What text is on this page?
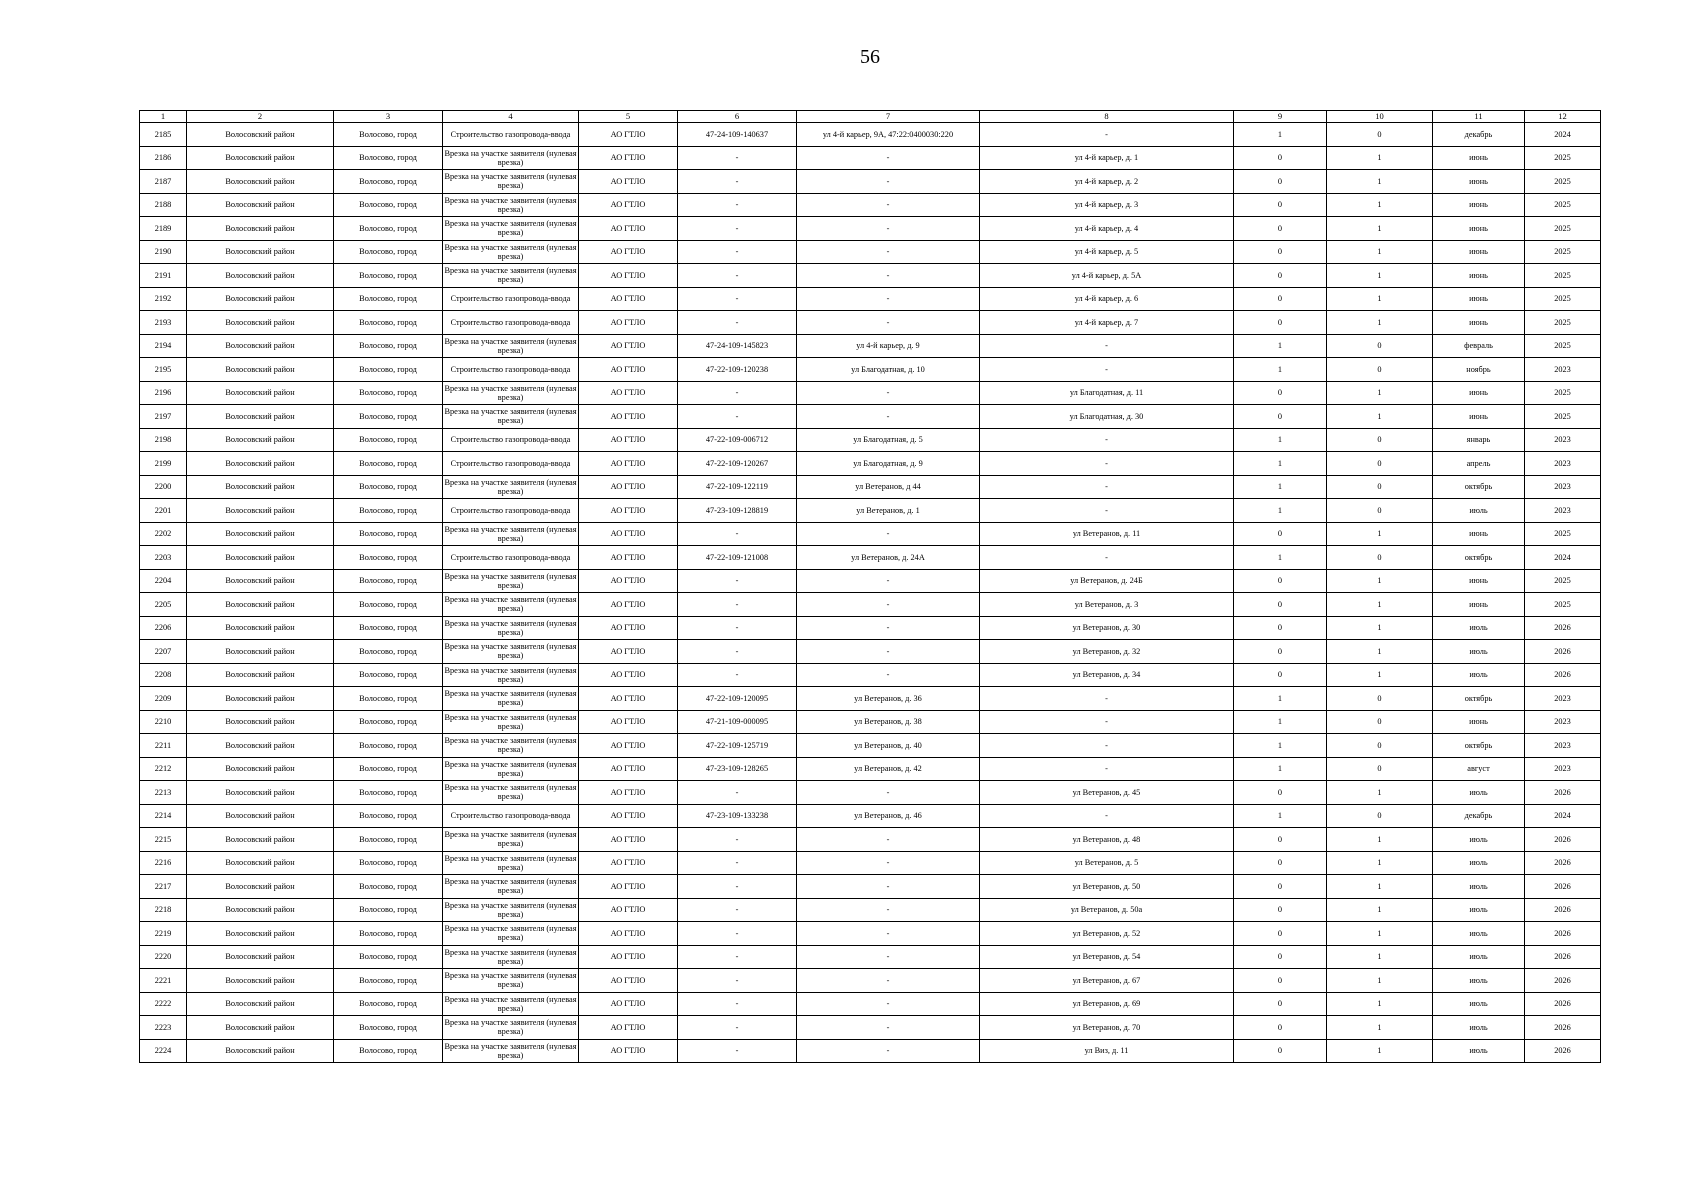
56
1	2	3	4	5	6	7	8	9	10	11	12
2185	Волосовский район	Волосово, город	Строительство газопровода-ввода	АО ГТЛО	47-24-109-140637	ул 4-й карьер, 9А, 47:22:0400030:220	-	1	0	декабрь	2024
2186	Волосовский район	Волосово, город	Врезка на участке заявителя (нулевая врезка)	АО ГТЛО	-	-	ул 4-й карьер, д. 1	0	1	июнь	2025
2187	Волосовский район	Волосово, город	Врезка на участке заявителя (нулевая врезка)	АО ГТЛО	-	-	ул 4-й карьер, д. 2	0	1	июнь	2025
2188	Волосовский район	Волосово, город	Врезка на участке заявителя (нулевая врезка)	АО ГТЛО	-	-	ул 4-й карьер, д. 3	0	1	июнь	2025
2189	Волосовский район	Волосово, город	Врезка на участке заявителя (нулевая врезка)	АО ГТЛО	-	-	ул 4-й карьер, д. 4	0	1	июнь	2025
2190	Волосовский район	Волосово, город	Врезка на участке заявителя (нулевая врезка)	АО ГТЛО	-	-	ул 4-й карьер, д. 5	0	1	июнь	2025
2191	Волосовский район	Волосово, город	Врезка на участке заявителя (нулевая врезка)	АО ГТЛО	-	-	ул 4-й карьер, д. 5А	0	1	июнь	2025
2192	Волосовский район	Волосово, город	Строительство газопровода-ввода	АО ГТЛО	-	-	ул 4-й карьер, д. 6	0	1	июнь	2025
2193	Волосовский район	Волосово, город	Строительство газопровода-ввода	АО ГТЛО	-	-	ул 4-й карьер, д. 7	0	1	июнь	2025
2194	Волосовский район	Волосово, город	Врезка на участке заявителя (нулевая врезка)	АО ГТЛО	47-24-109-145823	ул 4-й карьер, д. 9	-	1	0	февраль	2025
2195	Волосовский район	Волосово, город	Строительство газопровода-ввода	АО ГТЛО	47-22-109-120238	ул Благодатная, д. 10	-	1	0	ноябрь	2023
2196	Волосовский район	Волосово, город	Врезка на участке заявителя (нулевая врезка)	АО ГТЛО	-	-	ул Благодатная, д. 11	0	1	июнь	2025
2197	Волосовский район	Волосово, город	Врезка на участке заявителя (нулевая врезка)	АО ГТЛО	-	-	ул Благодатная, д. 30	0	1	июнь	2025
2198	Волосовский район	Волосово, город	Строительство газопровода-ввода	АО ГТЛО	47-22-109-006712	ул Благодатная, д. 5	-	1	0	январь	2023
2199	Волосовский район	Волосово, город	Строительство газопровода-ввода	АО ГТЛО	47-22-109-120267	ул Благодатная, д. 9	-	1	0	апрель	2023
2200	Волосовский район	Волосово, город	Врезка на участке заявителя (нулевая врезка)	АО ГТЛО	47-22-109-122119	ул Ветеранов, д 44	-	1	0	октябрь	2023
2201	Волосовский район	Волосово, город	Строительство газопровода-ввода	АО ГТЛО	47-23-109-128819	ул Ветеранов, д. 1	-	1	0	июль	2023
2202	Волосовский район	Волосово, город	Врезка на участке заявителя (нулевая врезка)	АО ГТЛО	-	-	ул Ветеранов, д. 11	0	1	июнь	2025
2203	Волосовский район	Волосово, город	Строительство газопровода-ввода	АО ГТЛО	47-22-109-121008	ул Ветеранов, д. 24А	-	1	0	октябрь	2024
2204	Волосовский район	Волосово, город	Врезка на участке заявителя (нулевая врезка)	АО ГТЛО	-	-	ул Ветеранов, д. 24Б	0	1	июнь	2025
2205	Волосовский район	Волосово, город	Врезка на участке заявителя (нулевая врезка)	АО ГТЛО	-	-	ул Ветеранов, д. 3	0	1	июнь	2025
2206	Волосовский район	Волосово, город	Врезка на участке заявителя (нулевая врезка)	АО ГТЛО	-	-	ул Ветеранов, д. 30	0	1	июль	2026
2207	Волосовский район	Волосово, город	Врезка на участке заявителя (нулевая врезка)	АО ГТЛО	-	-	ул Ветеранов, д. 32	0	1	июль	2026
2208	Волосовский район	Волосово, город	Врезка на участке заявителя (нулевая врезка)	АО ГТЛО	-	-	ул Ветеранов, д. 34	0	1	июль	2026
2209	Волосовский район	Волосово, город	Врезка на участке заявителя (нулевая врезка)	АО ГТЛО	47-22-109-120095	ул Ветеранов, д. 36	-	1	0	октябрь	2023
2210	Волосовский район	Волосово, город	Врезка на участке заявителя (нулевая врезка)	АО ГТЛО	47-21-109-000095	ул Ветеранов, д. 38	-	1	0	июнь	2023
2211	Волосовский район	Волосово, город	Врезка на участке заявителя (нулевая врезка)	АО ГТЛО	47-22-109-125719	ул Ветеранов, д. 40	-	1	0	октябрь	2023
2212	Волосовский район	Волосово, город	Врезка на участке заявителя (нулевая врезка)	АО ГТЛО	47-23-109-128265	ул Ветеранов, д. 42	-	1	0	август	2023
2213	Волосовский район	Волосово, город	Врезка на участке заявителя (нулевая врезка)	АО ГТЛО	-	-	ул Ветеранов, д. 45	0	1	июль	2026
2214	Волосовский район	Волосово, город	Строительство газопровода-ввода	АО ГТЛО	47-23-109-133238	ул Ветеранов, д. 46	-	1	0	декабрь	2024
2215	Волосовский район	Волосово, город	Врезка на участке заявителя (нулевая врезка)	АО ГТЛО	-	-	ул Ветеранов, д. 48	0	1	июль	2026
2216	Волосовский район	Волосово, город	Врезка на участке заявителя (нулевая врезка)	АО ГТЛО	-	-	ул Ветеранов, д. 5	0	1	июль	2026
2217	Волосовский район	Волосово, город	Врезка на участке заявителя (нулевая врезка)	АО ГТЛО	-	-	ул Ветеранов, д. 50	0	1	июль	2026
2218	Волосовский район	Волосово, город	Врезка на участке заявителя (нулевая врезка)	АО ГТЛО	-	-	ул Ветеранов, д. 50а	0	1	июль	2026
2219	Волосовский район	Волосово, город	Врезка на участке заявителя (нулевая врезка)	АО ГТЛО	-	-	ул Ветеранов, д. 52	0	1	июль	2026
2220	Волосовский район	Волосово, город	Врезка на участке заявителя (нулевая врезка)	АО ГТЛО	-	-	ул Ветеранов, д. 54	0	1	июль	2026
2221	Волосовский район	Волосово, город	Врезка на участке заявителя (нулевая врезка)	АО ГТЛО	-	-	ул Ветеранов, д. 67	0	1	июль	2026
2222	Волосовский район	Волосово, город	Врезка на участке заявителя (нулевая врезка)	АО ГТЛО	-	-	ул Ветеранов, д. 69	0	1	июль	2026
2223	Волосовский район	Волосово, город	Врезка на участке заявителя (нулевая врезка)	АО ГТЛО	-	-	ул Ветеранов, д. 70	0	1	июль	2026
2224	Волосовский район	Волосово, город	Врезка на участке заявителя (нулевая врезка)	АО ГТЛО	-	-	ул Виз, д. 11	0	1	июль	2026
